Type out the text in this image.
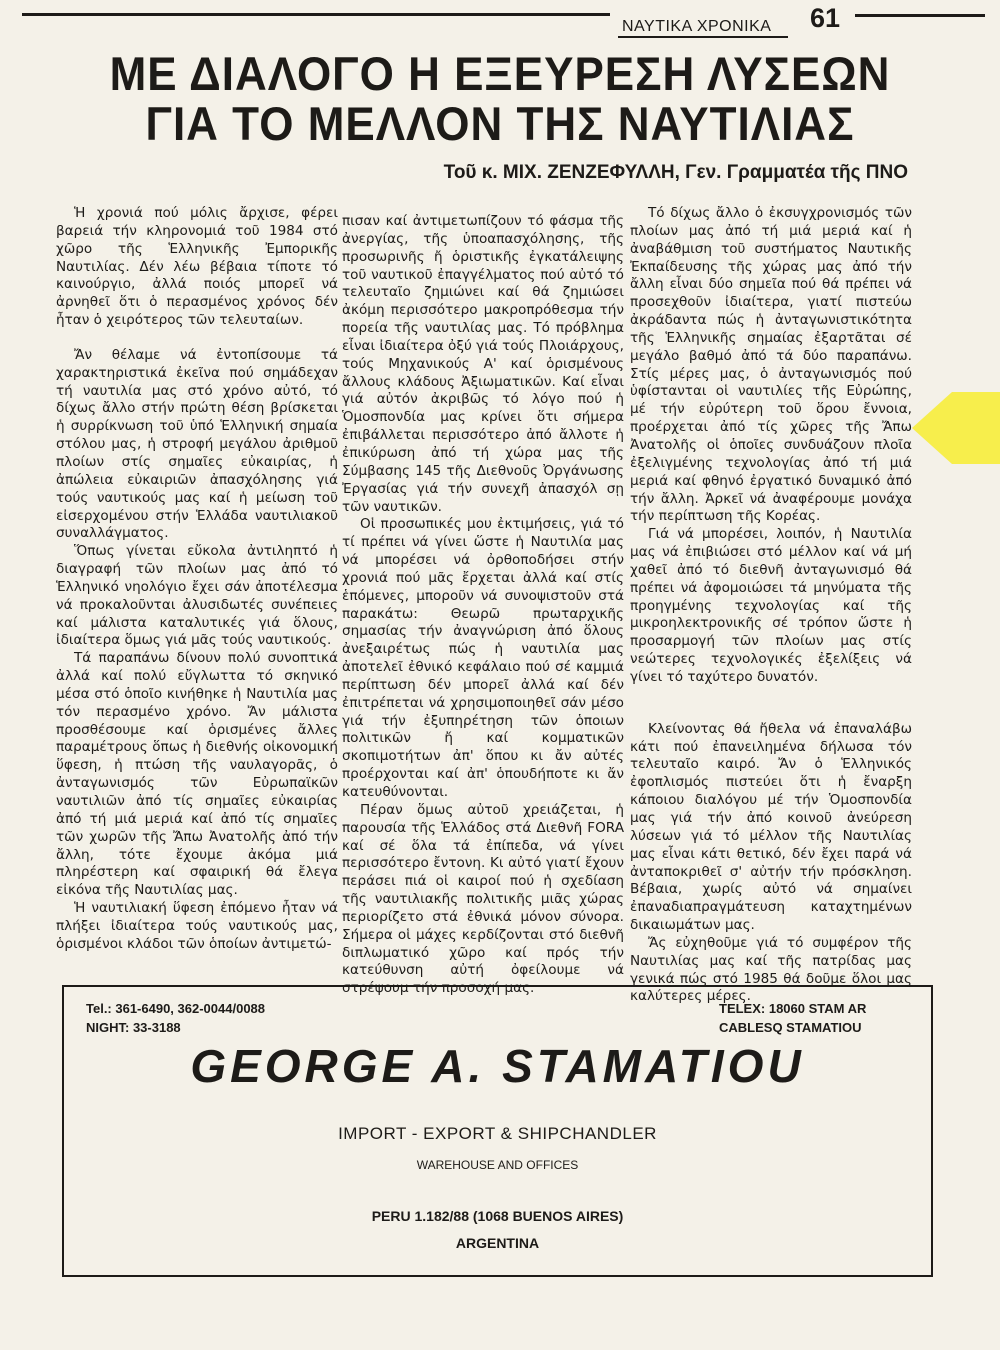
ΝΑΥΤΙΚΑ ΧΡΟΝΙΚΑ 61
ΜΕ ΔΙΑΛΟΓΟ Η ΕΞΕΥΡΕΣΗ ΛΥΣΕΩΝ
ΓΙΑ ΤΟ ΜΕΛΛΟΝ ΤΗΣ ΝΑΥΤΙΛΙΑΣ
Τοῦ κ. ΜΙΧ. ΖΕΝΖΕΦΥΛΛΗ, Γεν. Γραμματέα τῆς ΠΝΟ

Ἡ χρονιά πού μόλις ἄρχισε, φέρει βαρειά τήν κληρονομιά τοῦ 1984 στό χῶρο τῆς Ἑλληνικῆς Ἐμπορικῆς Ναυτιλίας. Δέν λέω βέβαια τίποτε τό καινούργιο, ἀλλά ποιός μπορεῖ νά ἀρνηθεῖ ὅτι ὁ περασμένος χρόνος δέν ἦταν ὁ χειρότερος τῶν τελευταίων.

Ἄν θέλαμε νά ἐντοπίσουμε τά χαρακτηριστικά ἐκεῖνα πού σημάδεχαν τή ναυτιλία μας στό χρόνο αὐτό, τό δίχως ἄλλο στήν πρώτη θέση βρίσκεται ἡ συρρίκνωση τοῦ ὑπό Ἑλληνική σημαία στόλου μας, ἡ στροφή μεγάλου ἀριθμοῦ πλοίων στίς σημαῖες εὐκαιρίας, ἡ ἀπώλεια εὐκαιριῶν ἀπασχόλησης γιά τούς ναυτικούς μας καί ἡ μείωση τοῦ εἰσερχομένου στήν Ἑλλάδα ναυτιλιακοῦ συναλλάγματος.

Ὅπως γίνεται εὔκολα ἀντιληπτό ἡ διαγραφή τῶν πλοίων μας ἀπό τό Ἑλληνικό νηολόγιο ἔχει σάν ἀποτέλεσμα νά προκαλοῦνται ἀλυσιδωτές συνέπειες καί μάλιστα καταλυτικές γιά ὅλους, ἰδιαίτερα ὅμως γιά μᾶς τούς ναυτικούς.

Τά παραπάνω δίνουν πολύ συνοπτικά ἀλλά καί πολύ εὔγλωττα τό σκηνικό μέσα στό ὁποῖο κινήθηκε ἡ Ναυτιλία μας τόν περασμένο χρόνο. Ἄν μάλιστα προσθέσουμε καί ὁρισμένες ἄλλες παραμέτρους ὅπως ἡ διεθνής οἰκονομική ὕφεση, ἡ πτώση τῆς ναυλαγορᾶς, ὁ ἀνταγωνισμός τῶν Εὐρωπαϊκῶν ναυτιλιῶν ἀπό τίς σημαῖες εὐκαιρίας ἀπό τή μιά μεριά καί ἀπό τίς σημαῖες τῶν χωρῶν τῆς Ἄπω Ἀνατολῆς ἀπό τήν ἄλλη, τότε ἔχουμε ἀκόμα μιά πληρέστερη καί σφαιρική θά ἔλεγα εἰκόνα τῆς Ναυτιλίας μας.

Ἡ ναυτιλιακή ὕφεση ἐπόμενο ἦταν νά πλήξει ἰδιαίτερα τούς ναυτικούς μας, ὁρισμένοι κλάδοι τῶν ὁποίων ἀντιμετώ-

πισαν καί ἀντιμετωπίζουν τό φάσμα τῆς ἀνεργίας, τῆς ὑποαπασχόλησης, τῆς προσωρινῆς ἤ ὁριστικῆς ἐγκατάλειψης τοῦ ναυτικοῦ ἐπαγγέλματος πού αὐτό τό τελευταῖο ζημιώνει καί θά ζημιώσει ἀκόμη περισσότερο μακροπρόθεσμα τήν πορεία τῆς ναυτιλίας μας. Τό πρόβλημα εἶναι ἰδιαίτερα ὀξύ γιά τούς Πλοιάρχους, τούς Μηχανικούς Α' καί ὁρισμένους ἄλλους κλάδους Ἀξιωματικῶν. Καί εἶναι γιά αὐτόν ἀκριβῶς τό λόγο πού ἡ Ὁμοσπονδία μας κρίνει ὅτι σήμερα ἐπιβάλλεται περισσότερο ἀπό ἄλλοτε ἡ ἐπικύρωση ἀπό τή χώρα μας τῆς Σύμβασης 145 τῆς Διεθνοῦς Ὀργάνωσης Ἐργασίας γιά τήν συνεχῆ ἀπασχόλ σῃ τῶν ναυτικῶν.

Οἱ προσωπικές μου ἐκτιμήσεις, γιά τό τί πρέπει νά γίνει ὥστε ἡ Ναυτιλία μας νά μπορέσει νά ὀρθοποδήσει στήν χρονιά πού μᾶς ἔρχεται ἀλλά καί στίς ἑπόμενες, μποροῦν νά συνοψιστοῦν στά παρακάτω: Θεωρῶ πρωταρχικῆς σημασίας τήν ἀναγνώριση ἀπό ὅλους ἀνεξαιρέτως πώς ἡ ναυτιλία μας ἀποτελεῖ ἐθνικό κεφάλαιο πού σέ καμμιά περίπτωση δέν μπορεῖ ἀλλά καί δέν ἐπιτρέπεται νά χρησιμοποιηθεῖ σάν μέσο γιά τήν ἐξυπηρέτηση τῶν ὁποιων πολιτικῶν ἤ καί κομματικῶν σκοπιμοτήτων ἀπ' ὅπου κι ἄν αὐτές προέρχονται καί ἀπ' ὁπουδήποτε κι ἄν κατευθύνονται.

Πέραν ὅμως αὐτοῦ χρειάζεται, ἡ παρουσία τῆς Ἑλλάδος στά Διεθνῆ FORA καί σέ ὅλα τά ἐπίπεδα, νά γίνει περισσότερο ἔντονη. Κι αὐτό γιατί ἔχουν περάσει πιά οἱ καιροί πού ἡ σχεδίαση τῆς ναυτιλιακῆς πολιτικῆς μιᾶς χώρας περιορίζετο στά ἐθνικά μόνον σύνορα. Σήμερα οἱ μάχες κερδίζονται στό διεθνῆ διπλωματικό χῶρο καί πρός τήν κατεύθυνση αὐτή ὀφείλουμε νά στρέψουμ τήν προσοχή μας.

Τό δίχως ἄλλο ὁ ἐκσυγχρονισμός τῶν πλοίων μας ἀπό τή μιά μεριά καί ἡ ἀναβάθμιση τοῦ συστήματος Ναυτικῆς Ἐκπαίδευσης τῆς χώρας μας ἀπό τήν ἄλλη εἶναι δύο σημεῖα πού θά πρέπει νά προσεχθοῦν ἰδιαίτερα, γιατί πιστεύω ἀκράδαντα πώς ἡ ἀνταγωνιστικότητα τῆς Ἑλληνικῆς σημαίας ἐξαρτᾶται σέ μεγάλο βαθμό ἀπό τά δύο παραπάνω. Στίς μέρες μας, ὁ ἀνταγωνισμός πού ὑφίστανται οἱ ναυτιλίες τῆς Εὐρώπης, μέ τήν εὐρύτερη τοῦ ὅρου ἔννοια, προέρχεται ἀπό τίς χῶρες τῆς Ἄπω Ἀνατολῆς οἱ ὁποῖες συνδυάζουν πλοῖα ἐξελιγμένης τεχνολογίας ἀπό τή μιά μεριά καί φθηνό ἐργατικό δυναμικό ἀπό τήν ἄλλη. Ἀρκεῖ νά ἀναφέρουμε μονάχα τήν περίπτωση τῆς Κορέας.

Γιά νά μπορέσει, λοιπόν, ἡ Ναυτιλία μας νά ἐπιβιώσει στό μέλλον καί νά μή χαθεῖ ἀπό τό διεθνῆ ἀνταγωνισμό θά πρέπει νά ἀφομοιώσει τά μηνύματα τῆς προηγμένης τεχνολογίας καί τῆς μικροηλεκτρονικῆς σέ τρόπον ὥστε ἡ προσαρμογή τῶν πλοίων μας στίς νεώτερες τεχνολογικές ἐξελίξεις νά γίνει τό ταχύτερο δυνατόν.

Κλείνοντας θά ἤθελα νά ἐπαναλάβω κάτι πού ἐπανειλημένα δήλωσα τόν τελευταῖο καιρό. Ἄν ὁ Ἑλληνικός ἐφοπλισμός πιστεύει ὅτι ἡ ἔναρξη κάποιου διαλόγου μέ τήν Ὁμοσπονδία μας γιά τήν ἀπό κοινοῦ ἀνεύρεση λύσεων γιά τό μέλλον τῆς Ναυτιλίας μας εἶναι κάτι θετικό, δέν ἔχει παρά νά ἀνταποκριθεῖ σ' αὐτήν τήν πρόσκληση. Βέβαια, χωρίς αὐτό νά σημαίνει ἐπαναδιαπραγμάτευση καταχτημένων δικαιωμάτων μας.

Ἄς εὐχηθοῦμε γιά τό συμφέρον τῆς Ναυτιλίας μας καί τῆς πατρίδας μας γενικά πώς στό 1985 θά δοῦμε ὅλοι μας καλύτερες μέρες.

Tel.: 361-6490, 362-0044/0088
NIGHT: 33-3188
TELEX: 18060 STAM AR
CABLESQ STAMATIOU
GEORGE A. STAMATIOU
IMPORT - EXPORT & SHIPCHANDLER
WAREHOUSE AND OFFICES
PERU 1.182/88 (1068 BUENOS AIRES)
ARGENTINA
